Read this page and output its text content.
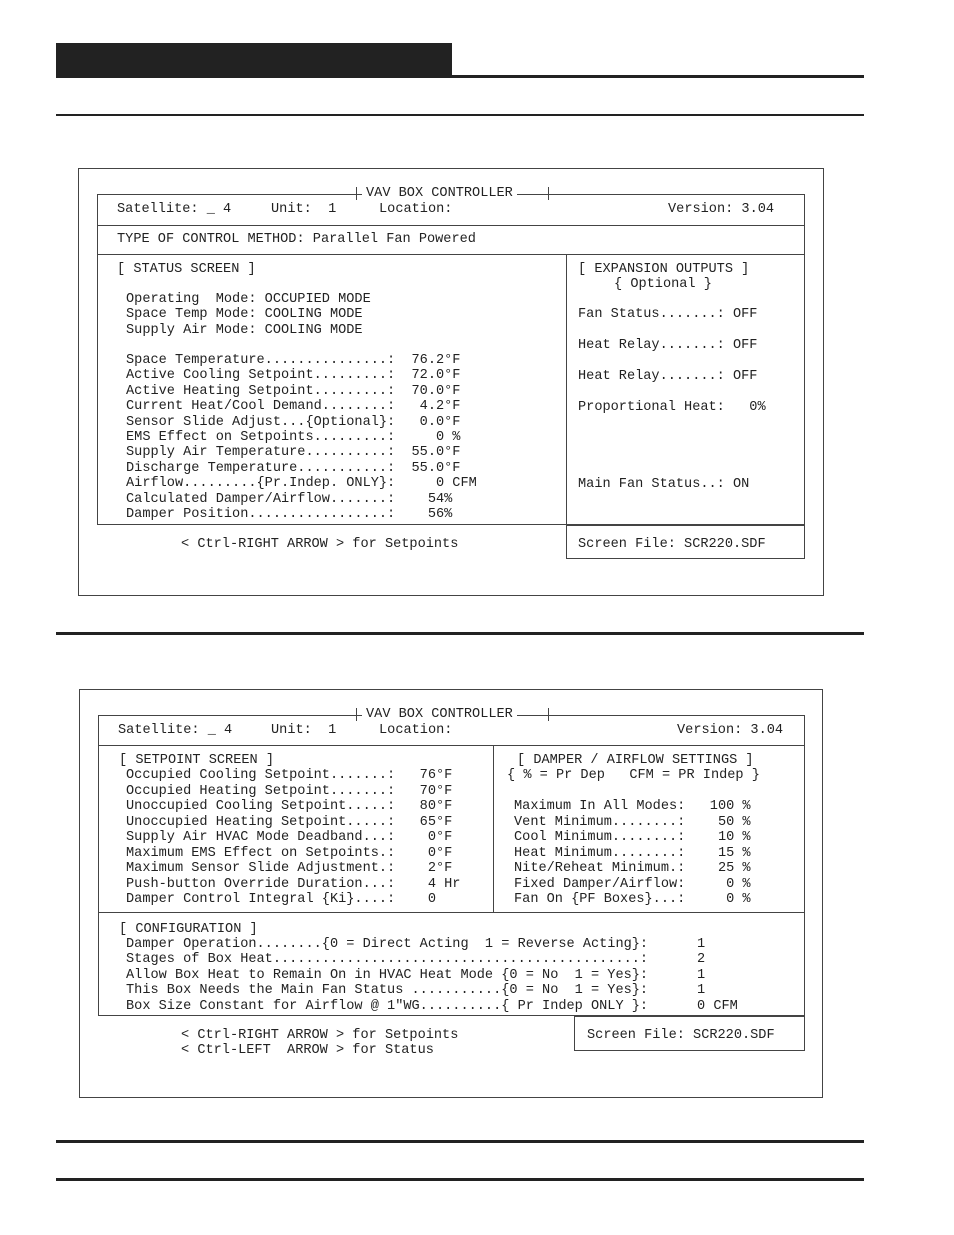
VAV BOX CONTROLLER
Satellite: _ 4	Unit:  1	Location:	Version: 3.04
TYPE OF CONTROL METHOD: Parallel Fan Powered
[ STATUS SCREEN ]
Operating  Mode: OCCUPIED MODE
Space Temp Mode: COOLING MODE
Supply Air Mode: COOLING MODE
Space Temperature...............:  76.2°F
Active Cooling Setpoint.........:  72.0°F
Active Heating Setpoint.........:  70.0°F
Current Heat/Cool Demand........:   4.2°F
Sensor Slide Adjust...{Optional}:   0.0°F
EMS Effect on Setpoints.........:     0 %
Supply Air Temperature..........:  55.0°F
Discharge Temperature...........:  55.0°F
Airflow.........{Pr.Indep. ONLY}:     0 CFM
Calculated Damper/Airflow.......:    54%
Damper Position.................:    56%
[ EXPANSION OUTPUTS ]
{ Optional }
Fan Status.......: OFF
Heat Relay.......: OFF
Heat Relay.......: OFF
Proportional Heat:   0%
Main Fan Status..: ON
< Ctrl-RIGHT ARROW > for Setpoints	Screen File: SCR220.SDF
VAV BOX CONTROLLER
Satellite: _ 4	Unit:  1	Location:	Version: 3.04
[ SETPOINT SCREEN ]
Occupied Cooling Setpoint.......:   76°F
Occupied Heating Setpoint.......:   70°F
Unoccupied Cooling Setpoint.....:   80°F
Unoccupied Heating Setpoint.....:   65°F
Supply Air HVAC Mode Deadband...:    0°F
Maximum EMS Effect on Setpoints.:    0°F
Maximum Sensor Slide Adjustment.:    2°F
Push-button Override Duration...:    4 Hr
Damper Control Integral {Ki}....:    0
[ DAMPER / AIRFLOW SETTINGS ]
{ % = Pr Dep   CFM = PR Indep }
Maximum In All Modes:   100 %
Vent Minimum........:    50 %
Cool Minimum........:    10 %
Heat Minimum........:    15 %
Nite/Reheat Minimum.:    25 %
Fixed Damper/Airflow:     0 %
Fan On {PF Boxes}...:     0 %
[ CONFIGURATION ]
Damper Operation........{0 = Direct Acting  1 = Reverse Acting}:      1
Stages of Box Heat.............................................:      2
Allow Box Heat to Remain On in HVAC Heat Mode {0 = No  1 = Yes}:      1
This Box Needs the Main Fan Status ...........{0 = No  1 = Yes}:      1
Box Size Constant for Airflow @ 1"WG..........{ Pr Indep ONLY }:      0 CFM
< Ctrl-RIGHT ARROW > for Setpoints
< Ctrl-LEFT  ARROW > for Status
Screen File: SCR220.SDF
